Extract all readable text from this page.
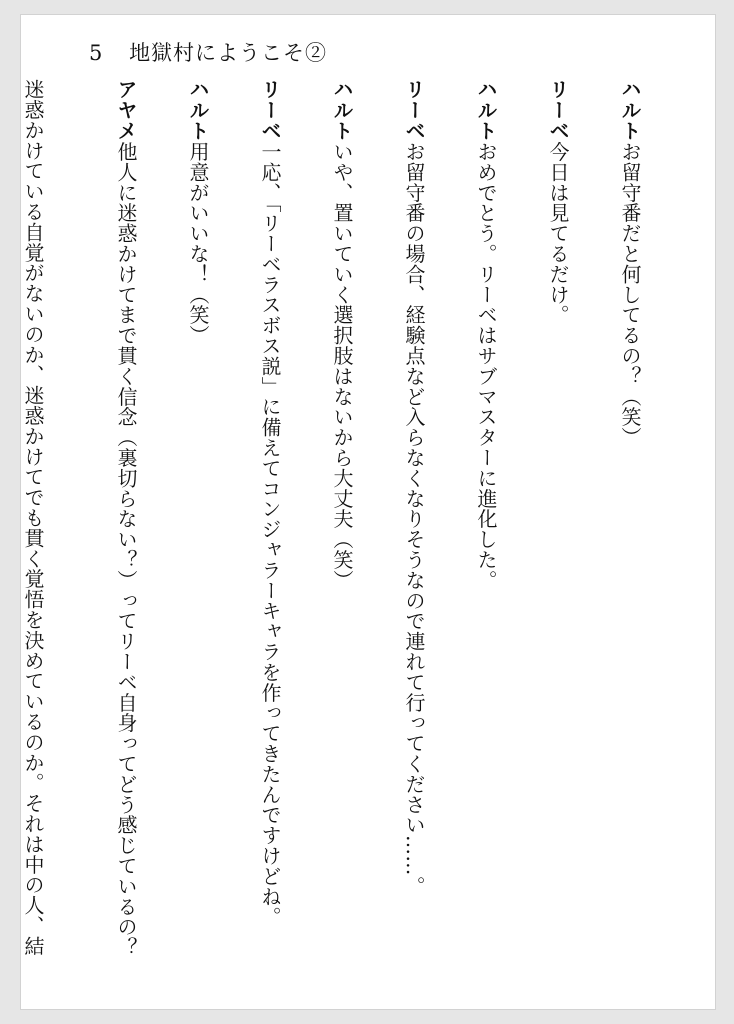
5 地獄村にようこそ②
ハルトお留守番だと何してるの？（笑）
リーベ今日は見てるだけ。
ハルトおめでとう。リーベはサブマスターに進化した。
リーベお留守番の場合、経験点など入らなくなりそうなので連れて行ってください……。
ハルトいや、置いていく選択肢はないから大丈夫（笑）
リーベ一応、「リーベラスボス説」に備えてコンジャラーキャラを作ってきたんですけどね。
ハルト用意がいいな！（笑）
アヤメ他人に迷惑かけてまで貫く信念（裏切らない？）ってリーベ自身ってどう感じているの？
迷惑かけている自覚がないのか、迷惑かけてでも貫く覚悟を決めているのか。それは中の人、結
